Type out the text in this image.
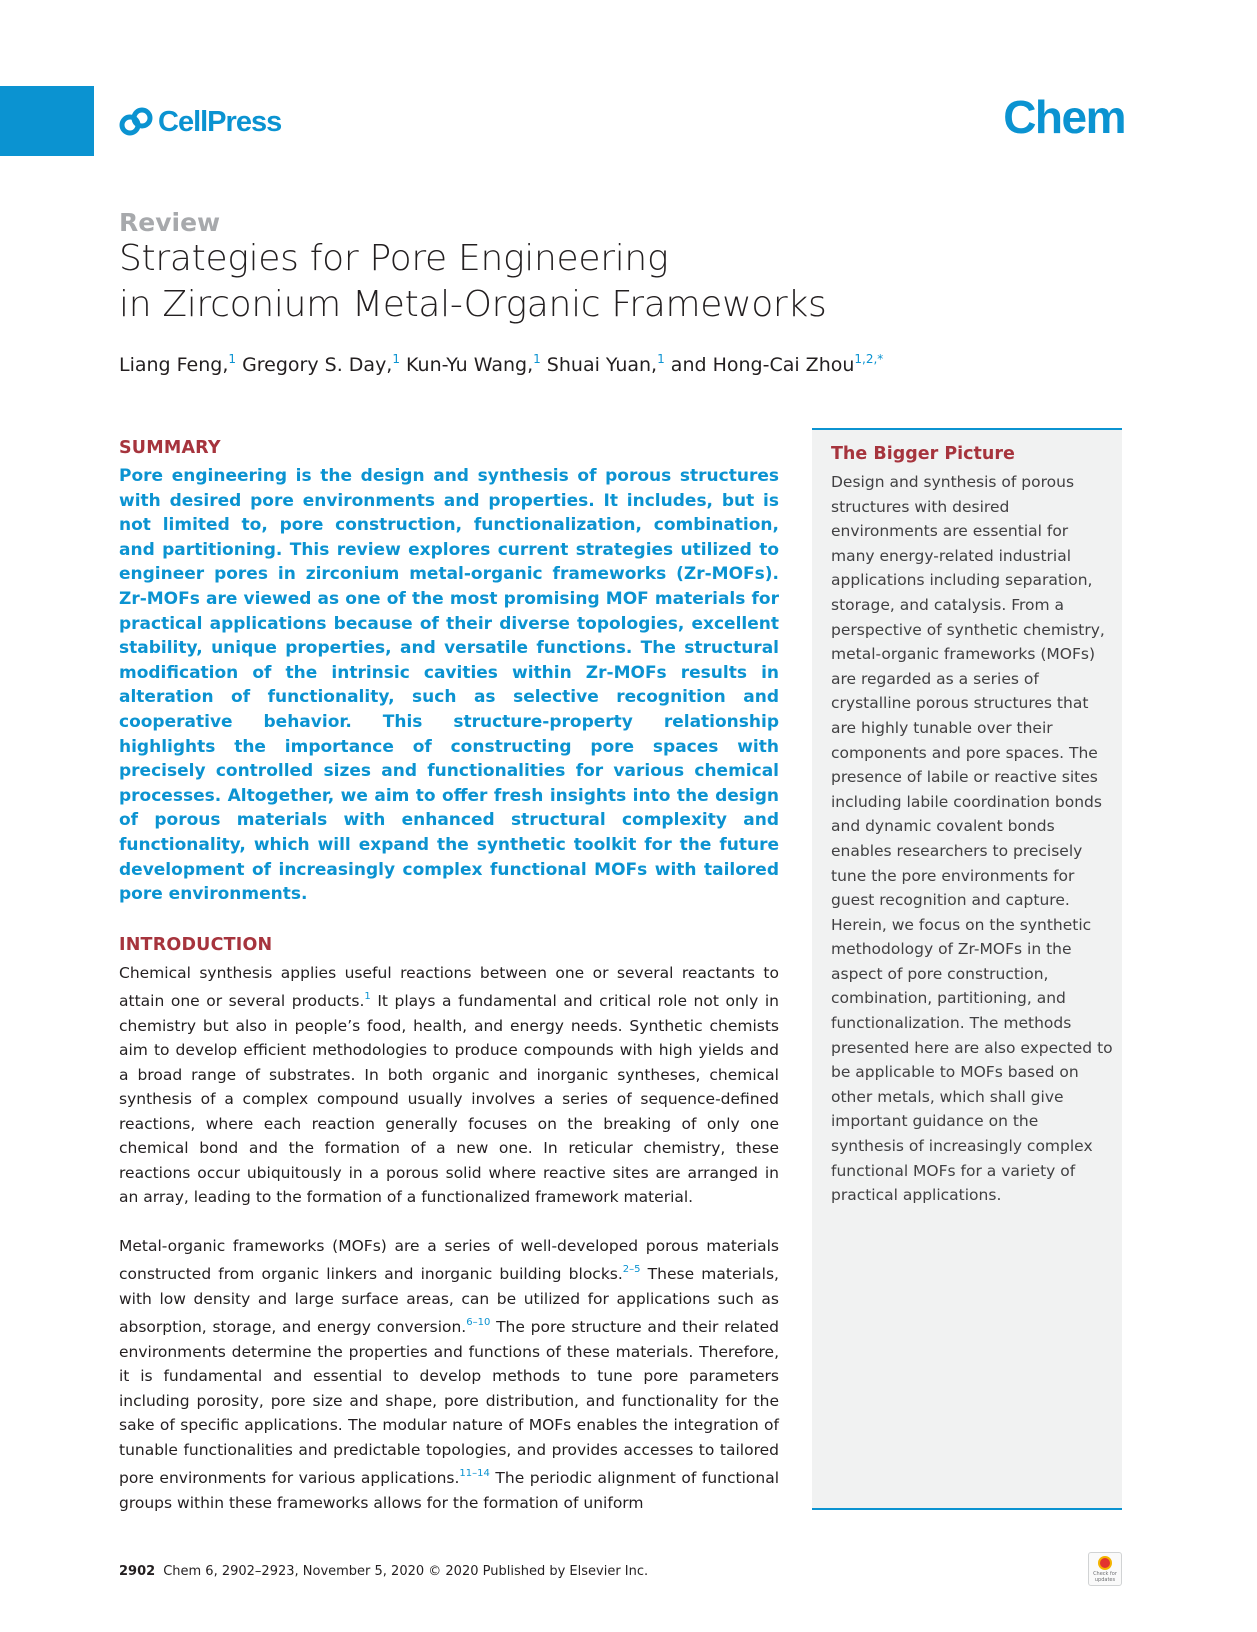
CellPress	Chem
Review
Strategies for Pore Engineering
in Zirconium Metal-Organic Frameworks
Liang Feng,$^1$ Gregory S. Day,$^1$ Kun-Yu Wang,$^1$ Shuai Yuan,$^1$ and Hong-Cai Zhou$^{1,2,*}$
SUMMARY

Pore engineering is the design and synthesis of porous structures with desired pore environments and properties. It includes, but is not limited to, pore construction, functionalization, combination, and partitioning. This review explores current strategies utilized to engineer pores in zirconium metal-organic frameworks (Zr-MOFs). Zr-MOFs are viewed as one of the most promising MOF materials for practical applications because of their diverse topologies, excellent stability, unique properties, and versatile functions. The structural modification of the intrinsic cavities within Zr-MOFs results in alteration of functionality, such as selective recognition and cooperative behavior. This structure-property relationship highlights the importance of constructing pore spaces with precisely controlled sizes and functionalities for various chemical processes. Altogether, we aim to offer fresh insights into the design of porous materials with enhanced structural complexity and functionality, which will expand the synthetic toolkit for the future development of increasingly complex functional MOFs with tailored pore environments.

INTRODUCTION

Chemical synthesis applies useful reactions between one or several reactants to attain one or several products.$^1$ It plays a fundamental and critical role not only in chemistry but also in people’s food, health, and energy needs. Synthetic chemists aim to develop efficient methodologies to produce compounds with high yields and a broad range of substrates. In both organic and inorganic syntheses, chemical synthesis of a complex compound usually involves a series of sequence-defined reactions, where each reaction generally focuses on the breaking of only one chemical bond and the formation of a new one. In reticular chemistry, these reactions occur ubiquitously in a porous solid where reactive sites are arranged in an array, leading to the formation of a functionalized framework material.

Metal-organic frameworks (MOFs) are a series of well-developed porous materials constructed from organic linkers and inorganic building blocks.$^{2-5}$ These materials, with low density and large surface areas, can be utilized for applications such as absorption, storage, and energy conversion.$^{6-10}$ The pore structure and their related environments determine the properties and functions of these materials. Therefore, it is fundamental and essential to develop methods to tune pore parameters including porosity, pore size and shape, pore distribution, and functionality for the sake of specific applications. The modular nature of MOFs enables the integration of tunable functionalities and predictable topologies, and provides accesses to tailored pore environments for various applications.$^{11-14}$ The periodic alignment of functional groups within these frameworks allows for the formation of uniform

The Bigger Picture

Design and synthesis of porous structures with desired environments are essential for many energy-related industrial applications including separation, storage, and catalysis. From a perspective of synthetic chemistry, metal-organic frameworks (MOFs) are regarded as a series of crystalline porous structures that are highly tunable over their components and pore spaces. The presence of labile or reactive sites including labile coordination bonds and dynamic covalent bonds enables researchers to precisely tune the pore environments for guest recognition and capture. Herein, we focus on the synthetic methodology of Zr-MOFs in the aspect of pore construction, combination, partitioning, and functionalization. The methods presented here are also expected to be applicable to MOFs based on other metals, which shall give important guidance on the synthesis of increasingly complex functional MOFs for a variety of practical applications.

2902 Chem 6, 2902–2923, November 5, 2020 © 2020 Published by Elsevier Inc.	Check for updates
